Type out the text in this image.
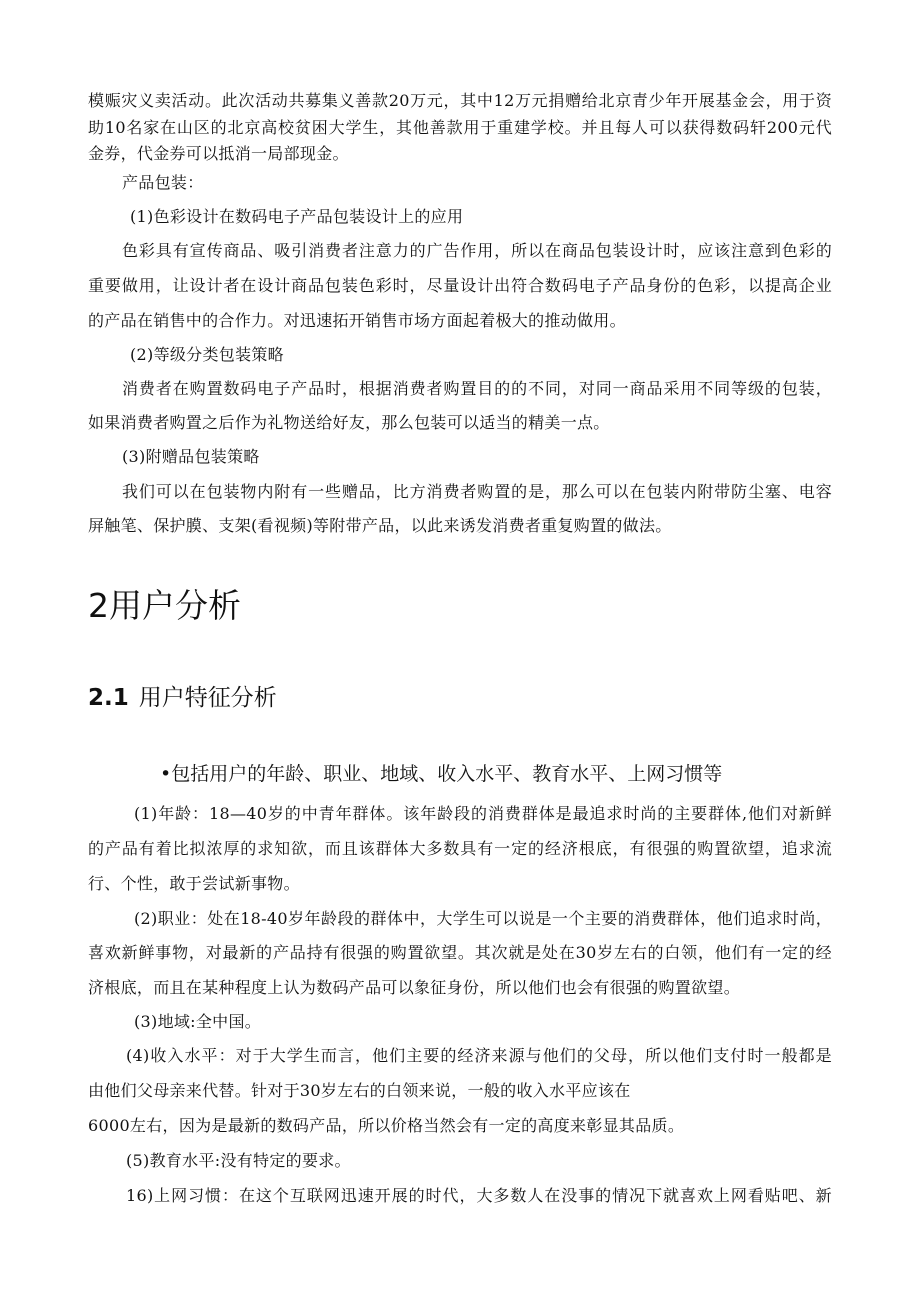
模赈灾义卖活动。此次活动共募集义善款20万元，其中12万元捐赠给北京青少年开展基金会，用于资
助10名家在山区的北京高校贫困大学生，其他善款用于重建学校。并且每人可以获得数码轩200元代
金券，代金券可以抵消一局部现金。
产品包装：
(1)色彩设计在数码电子产品包装设计上的应用
色彩具有宣传商品、吸引消费者注意力的广告作用，所以在商品包装设计时，应该注意到色彩的
重要做用，让设计者在设计商品包装色彩时，尽量设计出符合数码电子产品身份的色彩，以提高企业
的产品在销售中的合作力。对迅速拓开销售市场方面起着极大的推动做用。
(2)等级分类包装策略
消费者在购置数码电子产品时，根据消费者购置目的的不同，对同一商品采用不同等级的包装，
如果消费者购置之后作为礼物送给好友，那么包装可以适当的精美一点。
(3)附赠品包装策略
我们可以在包装物内附有一些赠品，比方消费者购置的是，那么可以在包装内附带防尘塞、电容
屏触笔、保护膜、支架(看视频)等附带产品，以此来诱发消费者重复购置的做法。
2用户分析
2.1 用户特征分析
•包括用户的年龄、职业、地域、收入水平、教育水平、上网习惯等
(1)年龄：18—40岁的中青年群体。该年龄段的消费群体是最追求时尚的主要群体,他们对新鲜
的产品有着比拟浓厚的求知欲，而且该群体大多数具有一定的经济根底，有很强的购置欲望，追求流
行、个性，敢于尝试新事物。
(2)职业：处在18-40岁年龄段的群体中，大学生可以说是一个主要的消费群体，他们追求时尚，
喜欢新鲜事物，对最新的产品持有很强的购置欲望。其次就是处在30岁左右的白领，他们有一定的经
济根底，而且在某种程度上认为数码产品可以象征身份，所以他们也会有很强的购置欲望。
(3)地域:全中国。
(4)收入水平：对于大学生而言，他们主要的经济来源与他们的父母，所以他们支付时一般都是
由他们父母亲来代替。针对于30岁左右的白领来说，一般的收入水平应该在
6000左右，因为是最新的数码产品，所以价格当然会有一定的高度来彰显其品质。
(5)教育水平:没有特定的要求。
16)上网习惯：在这个互联网迅速开展的时代，大多数人在没事的情况下就喜欢上网看贴吧、新
